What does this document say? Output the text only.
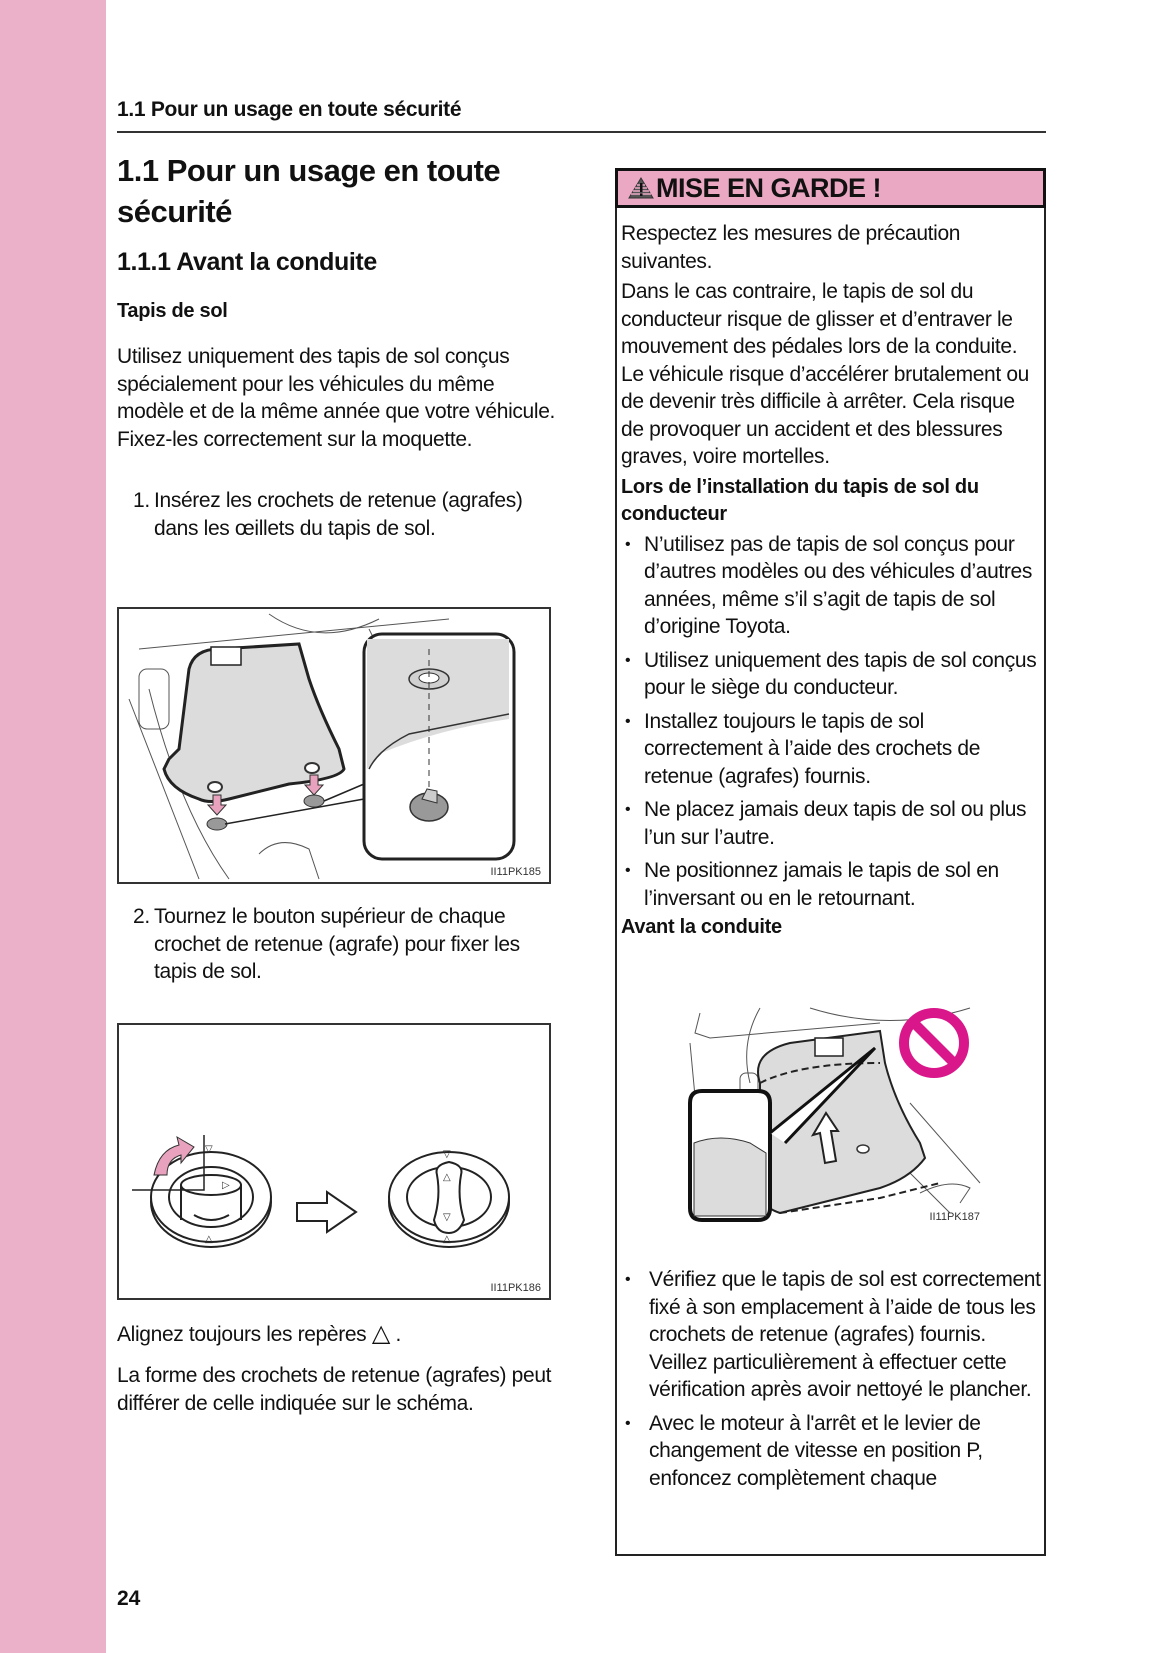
1.1 Pour un usage en toute sécurité
1.1 Pour un usage en toute sécurité
1.1.1 Avant la conduite
Tapis de sol

Utilisez uniquement des tapis de sol conçus spécialement pour les véhicules du même modèle et de la même année que votre véhicule. Fixez-les correctement sur la moquette.

1. Insérez les crochets de retenue (agrafes) dans les œillets du tapis de sol.
II11PK185
2. Tournez le bouton supérieur de chaque crochet de retenue (agrafe) pour fixer les tapis de sol.
▽
△
▷
▽
△
▽
△
II11PK186

Alignez toujours les repères △ .

La forme des crochets de retenue (agrafes) peut différer de celle indiquée sur le schéma.

MISE EN GARDE !

Respectez les mesures de précaution suivantes.

Dans le cas contraire, le tapis de sol du conducteur risque de glisser et d’entraver le mouvement des pédales lors de la conduite. Le véhicule risque d’accélérer brutalement ou de devenir très difficile à arrêter. Cela risque de provoquer un accident et des blessures graves, voire mortelles.

Lors de l’installation du tapis de sol du conducteur

• N’utilisez pas de tapis de sol conçus pour d’autres modèles ou des véhicules d’autres années, même s’il s’agit de tapis de sol d’origine Toyota.
• Utilisez uniquement des tapis de sol conçus pour le siège du conducteur.
• Installez toujours le tapis de sol correctement à l’aide des crochets de retenue (agrafes) fournis.
• Ne placez jamais deux tapis de sol ou plus l’un sur l’autre.
• Ne positionnez jamais le tapis de sol en l’inversant ou en le retournant.

Avant la conduite

II11PK187
• Vérifiez que le tapis de sol est correctement fixé à son emplacement à l’aide de tous les crochets de retenue (agrafes) fournis. Veillez particulièrement à effectuer cette vérification après avoir nettoyé le plancher.
• Avec le moteur à l'arrêt et le levier de changement de vitesse en position P, enfoncez complètement chaque
24
